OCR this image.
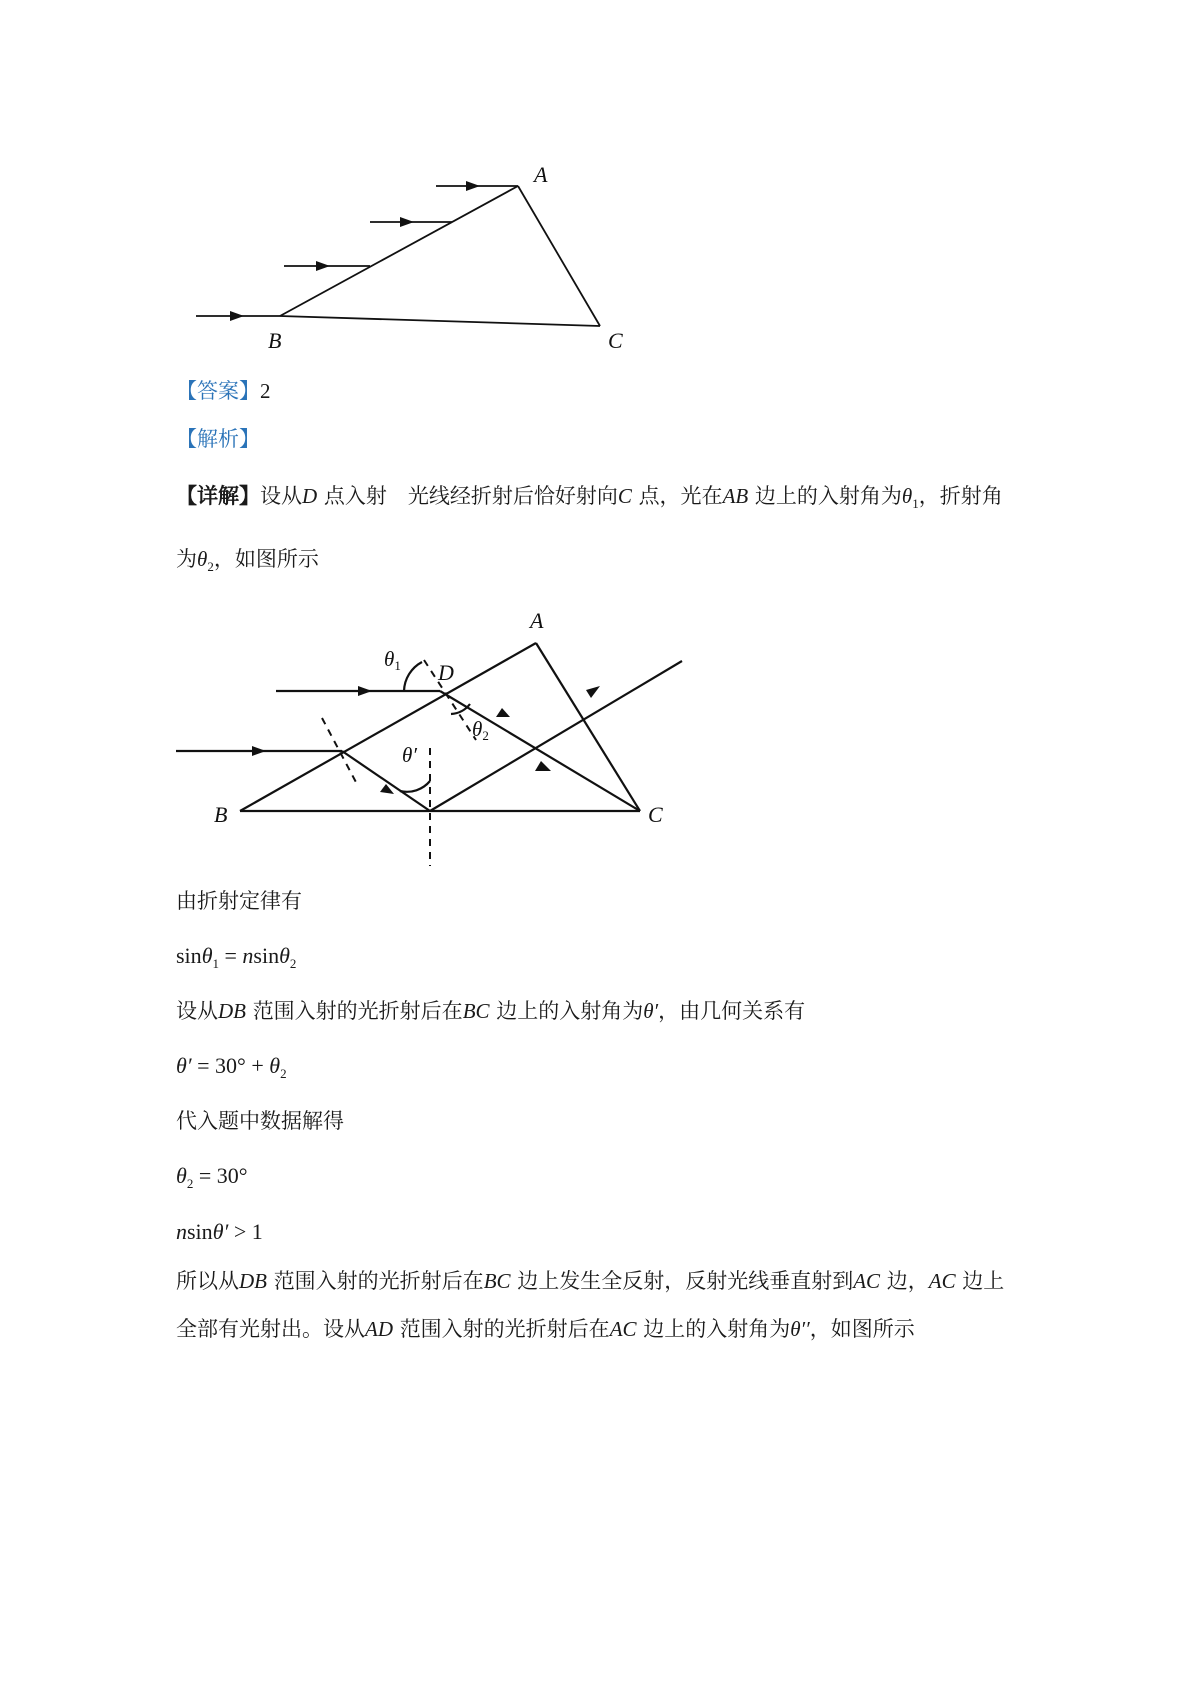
A
B	C
【答案】2
【解析】
【详解】设从D 点入射　光线经折射后恰好射向C 点，光在AB 边上的入射角为$\theta_1$，折射角
为$\theta_2$，如图所示
A
B	C
D
θ1
θ2
θ′
由折射定律有
sinθ$_1$ = nsinθ$_2$
设从DB 范围入射的光折射后在BC 边上的入射角为θ′，由几何关系有
$\theta' = 30^\circ + \theta_2$
代入题中数据解得
$\theta_2 = 30^\circ$
nsinθ′ > 1
所以从DB 范围入射的光折射后在BC 边上发生全反射，反射光线垂直射到AC 边，AC 边上
全部有光射出。设从AD 范围入射的光折射后在AC 边上的入射角为θ′′，如图所示
